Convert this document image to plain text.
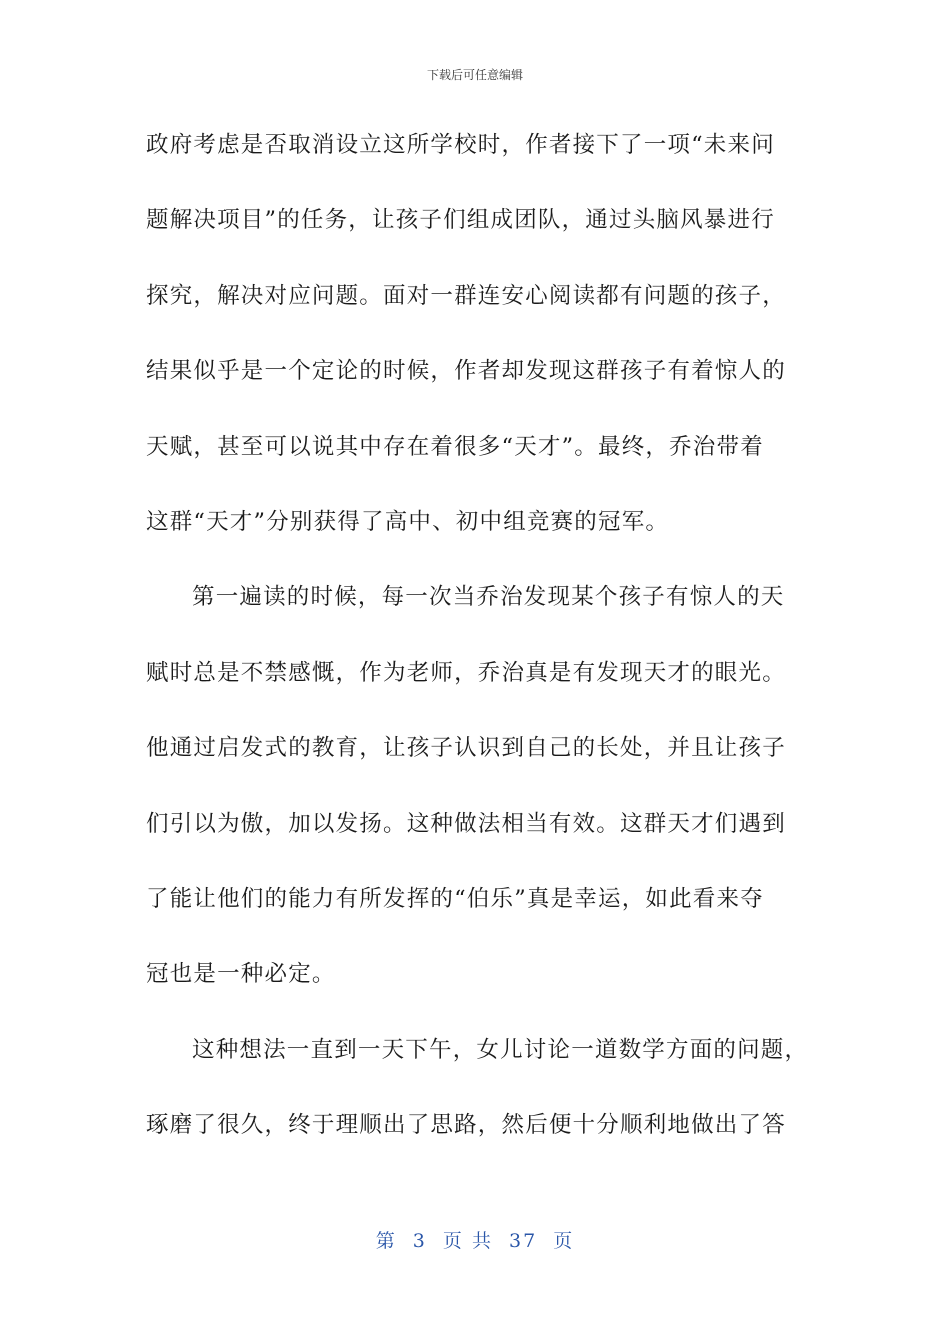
下载后可任意编辑
政府考虑是否取消设立这所学校时，作者接下了一项“未来问
题解决项目”的任务，让孩子们组成团队，通过头脑风暴进行
探究，解决对应问题。面对一群连安心阅读都有问题的孩子，
结果似乎是一个定论的时候，作者却发现这群孩子有着惊人的
天赋，甚至可以说其中存在着很多“天才”。最终，乔治带着
这群“天才”分别获得了高中、初中组竞赛的冠军。
第一遍读的时候，每一次当乔治发现某个孩子有惊人的天
赋时总是不禁感慨，作为老师，乔治真是有发现天才的眼光。
他通过启发式的教育，让孩子认识到自己的长处，并且让孩子
们引以为傲，加以发扬。这种做法相当有效。这群天才们遇到
了能让他们的能力有所发挥的“伯乐”真是幸运，如此看来夺
冠也是一种必定。
这种想法一直到一天下午，女儿讨论一道数学方面的问题，
琢磨了很久，终于理顺出了思路，然后便十分顺利地做出了答
第 3 页 共 37 页
